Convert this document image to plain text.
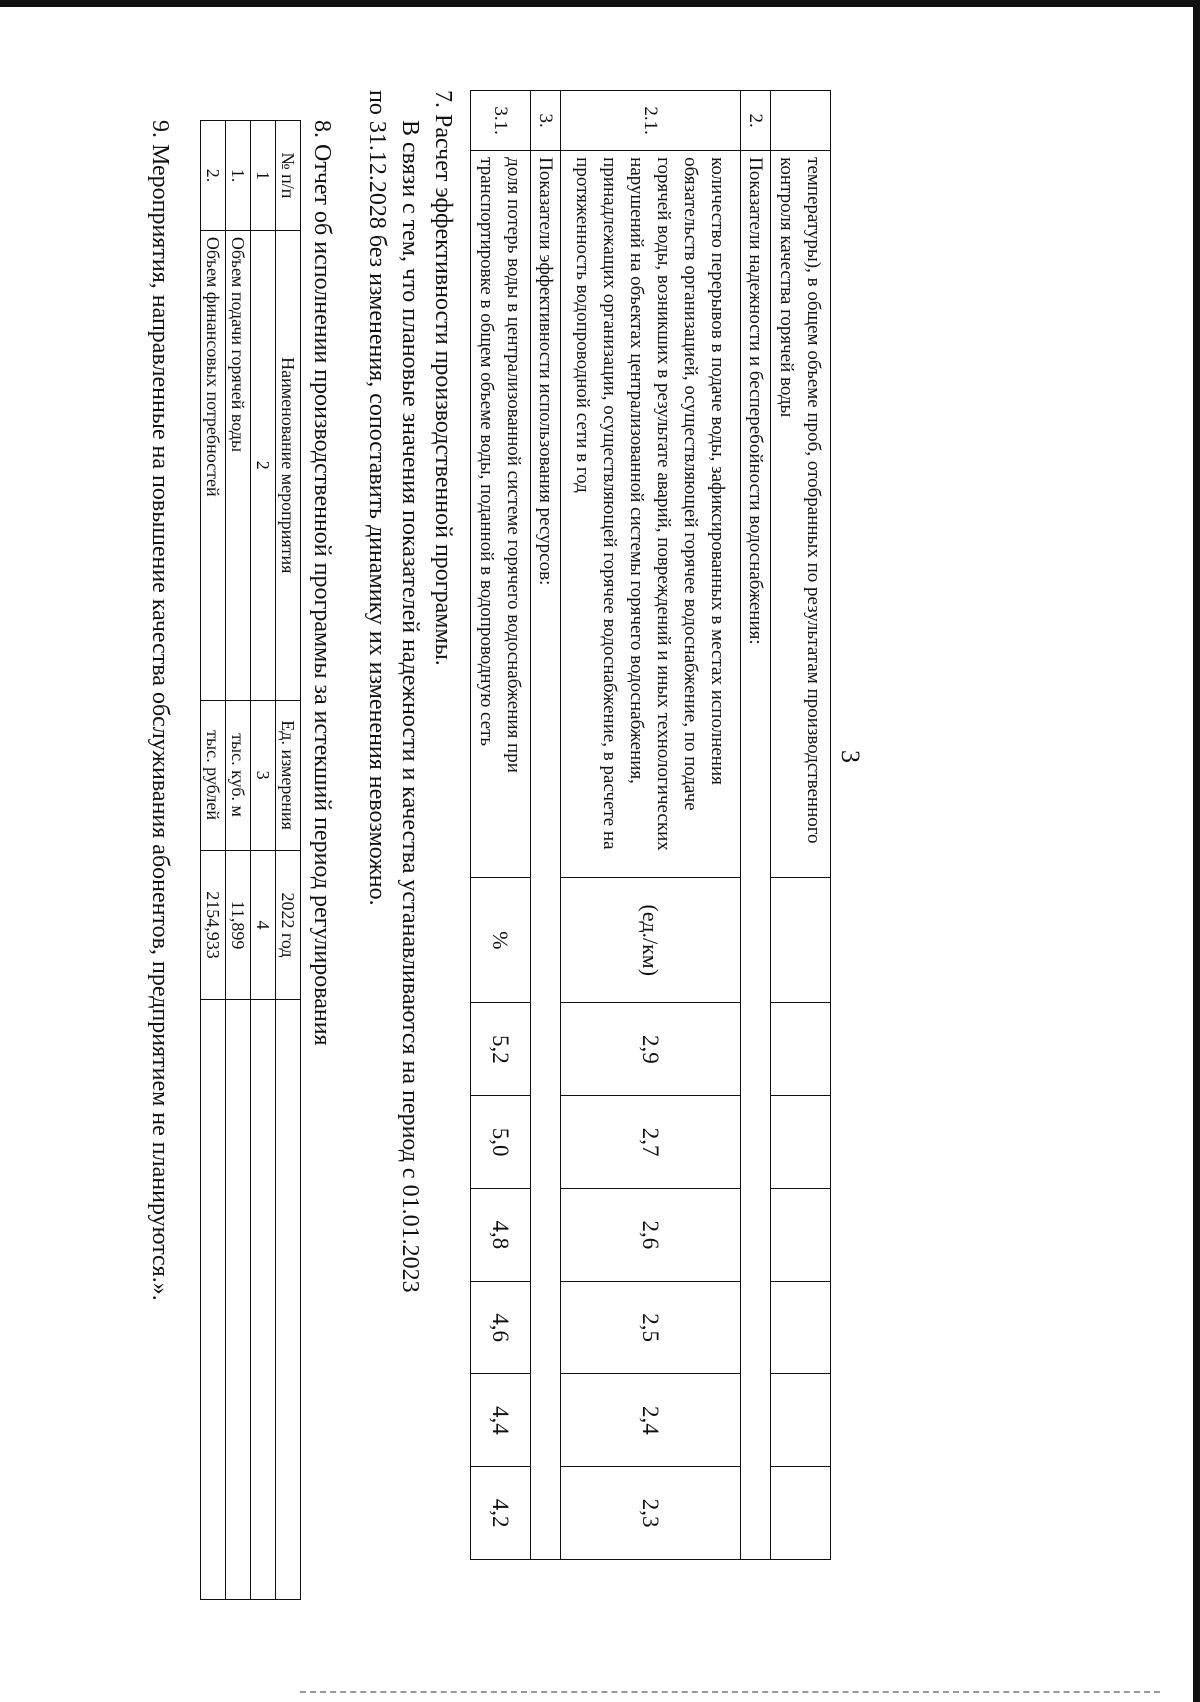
3
	температуры), в общем объеме проб, отобранных по результатам производственного контроля качества горячей воды							
2.	Показатели надежности и бесперебойности водоснабжения:							
2.1.	количество перерывов в подаче воды, зафиксированных в местах исполнения обязательств организацией, осуществляющей горячее водоснабжение, по подаче горячей воды, возникших в результате аварий, повреждений и иных технологических нарушений на объектах централизованной системы горячего водоснабжения, принадлежащих организации, осуществляющей горячее водоснабжение, в расчете на протяженность водопроводной сети в год	(ед./км)	2,9	2,7	2,6	2,5	2,4	2,3
3.	Показатели эффективности использования ресурсов:							
3.1.	доля потерь воды в централизованной системе горячего водоснабжения при транспортировке в общем объеме воды, поданной в водопроводную сеть	%	5,2	5,0	4,8	4,6	4,4	4,2
7. Расчет эффективности производственной программы.
В связи с тем, что плановые значения показателей надежности и качества устанавливаются на период с 01.01.2023
по 31.12.2028 без изменения, сопоставить динамику их изменения невозможно.
8. Отчет об исполнении производственной программы за истекший период регулирования
№ п/п	Наименование мероприятия	Ед. измерения	2022 год	
1	2	3	4	
1.	Объем подачи горячей воды	тыс. куб. м	11,899	
2.	Объем финансовых потребностей	тыс. рублей	2154,933	
9. Мероприятия, направленные на повышение качества обслуживания абонентов, предприятием не планируются.».
